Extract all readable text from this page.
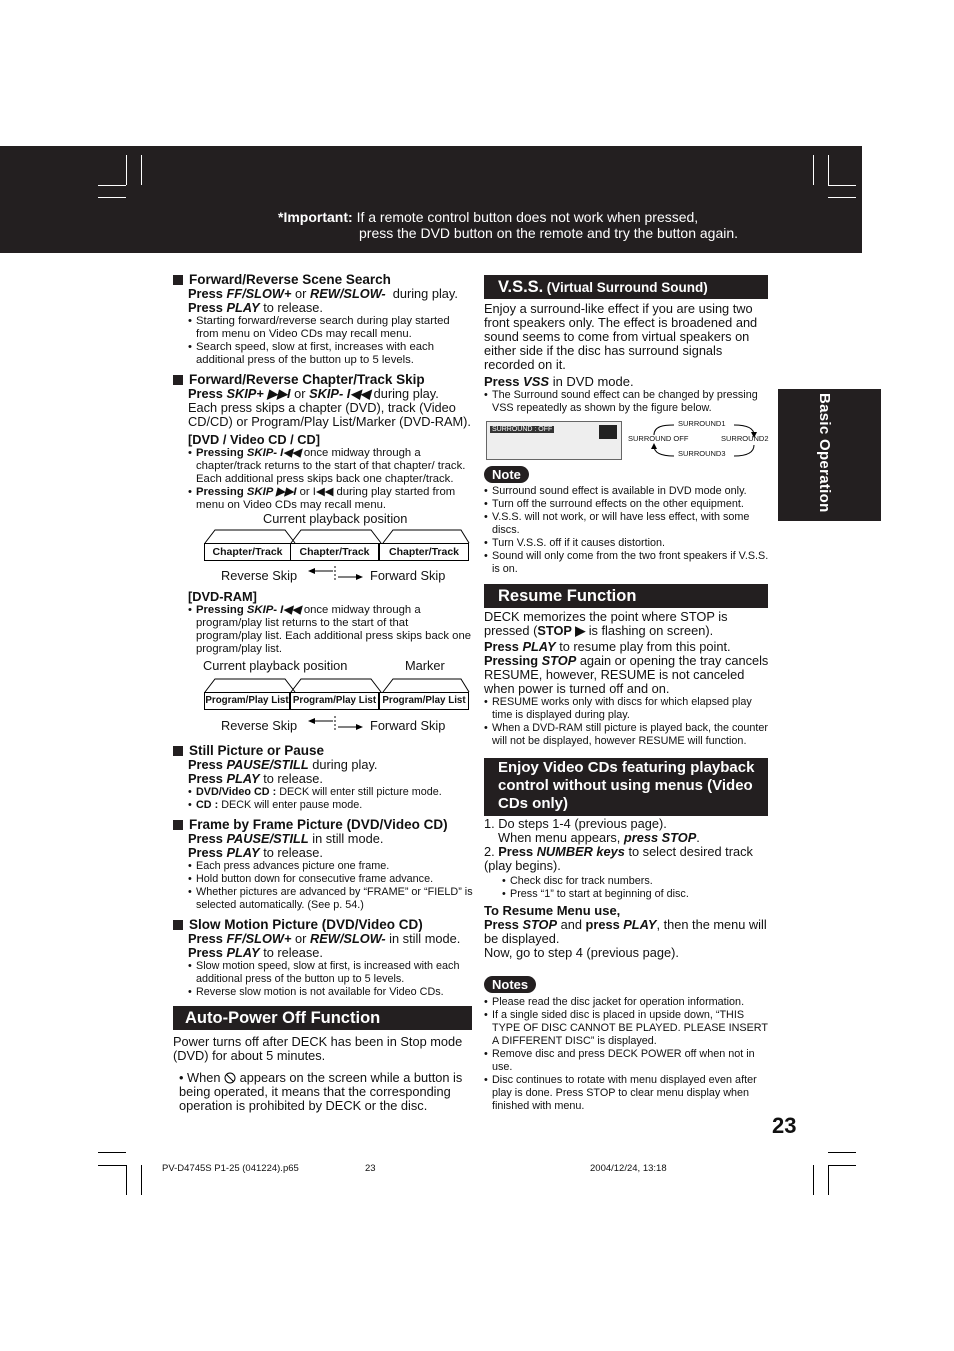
*Important: If a remote control button does not work when pressed,
press the DVD button on the remote and try the button again.
Basic Operation
Forward/Reverse Scene Search
Press FF/SLOW+ or REW/SLOW- during play.
Press PLAY to release.
• Starting forward/reverse search during play started from menu on Video CDs may recall menu.
• Search speed, slow at first, increases with each additional press of the button up to 5 levels.
Forward/Reverse Chapter/Track Skip
Press SKIP+ ▶▶I or SKIP- I◀◀ during play.
Each press skips a chapter (DVD), track (Video CD/CD) or Program/Play List/Marker (DVD-RAM).
[DVD / Video CD / CD]
• Pressing SKIP- I◀◀ once midway through a chapter/track returns to the start of that chapter/ track. Each additional press skips back one chapter/track.
• Pressing SKIP ▶▶I or I◀◀ during play started from menu on Video CDs may recall menu.
Current playback position
Chapter/Track	Chapter/Track	Chapter/Track
Reverse Skip	Forward Skip
[DVD-RAM]
• Pressing SKIP- I◀◀ once midway through a program/play list returns to the start of that program/play list. Each additional press skips back one program/play list.
Current playback position	Marker
Program/Play List Program/Play List Program/Play List
Reverse Skip	Forward Skip
Still Picture or Pause
Press PAUSE/STILL during play.
Press PLAY to release.
• DVD/Video CD : DECK will enter still picture mode.
• CD : DECK will enter pause mode.
Frame by Frame Picture (DVD/Video CD)
Press PAUSE/STILL in still mode.
Press PLAY to release.
• Each press advances picture one frame.
• Hold button down for consecutive frame advance.
• Whether pictures are advanced by “FRAME” or “FIELD” is selected automatically. (See p. 54.)
Slow Motion Picture (DVD/Video CD)
Press FF/SLOW+ or REW/SLOW- in still mode.
Press PLAY to release.
• Slow motion speed, slow at first, is increased with each additional press of the button up to 5 levels.
• Reverse slow motion is not available for Video CDs.
Auto-Power Off Function
Power turns off after DECK has been in Stop mode (DVD) for about 5 minutes.
• When appears on the screen while a button is being operated, it means that the corresponding operation is prohibited by DECK or the disc.
V.S.S. (Virtual Surround Sound)
Enjoy a surround-like effect if you are using two front speakers only. The effect is broadened and sound seems to come from virtual speakers on either side if the disc has surround signals recorded on it.
Press VSS in DVD mode.
• The Surround sound effect can be changed by pressing VSS repeatedly as shown by the figure below.
SURROUND : OFF
SURROUND1
SURROUND OFF	SURROUND2
SURROUND3
Note
• Surround sound effect is available in DVD mode only.
• Turn off the surround effects on the other equipment.
• V.S.S. will not work, or will have less effect, with some discs.
• Turn V.S.S. off if it causes distortion.
• Sound will only come from the two front speakers if V.S.S. is on.
Resume Function
DECK memorizes the point where STOP is pressed (STOP ▶ is flashing on screen).
Press PLAY to resume play from this point.
Pressing STOP again or opening the tray cancels RESUME, however, RESUME is not canceled when power is turned off and on.
• RESUME works only with discs for which elapsed play time is displayed during play.
• When a DVD-RAM still picture is played back, the counter will not be displayed, however RESUME will function.
Enjoy Video CDs featuring playback control without using menus (Video CDs only)
1. Do steps 1-4 (previous page).
When menu appears, press STOP.
2. Press NUMBER keys to select desired track (play begins).
• Check disc for track numbers.
• Press “1” to start at beginning of disc.
To Resume Menu use,
Press STOP and press PLAY, then the menu will be displayed.
Now, go to step 4 (previous page).
Notes
• Please read the disc jacket for operation information.
• If a single sided disc is placed in upside down, “THIS TYPE OF DISC CANNOT BE PLAYED. PLEASE INSERT A DIFFERENT DISC” is displayed.
• Remove disc and press DECK POWER off when not in use.
• Disc continues to rotate with menu displayed even after play is done. Press STOP to clear menu display when finished with menu.
23
PV-D4745S P1-25 (041224).p65	23	2004/12/24, 13:18
